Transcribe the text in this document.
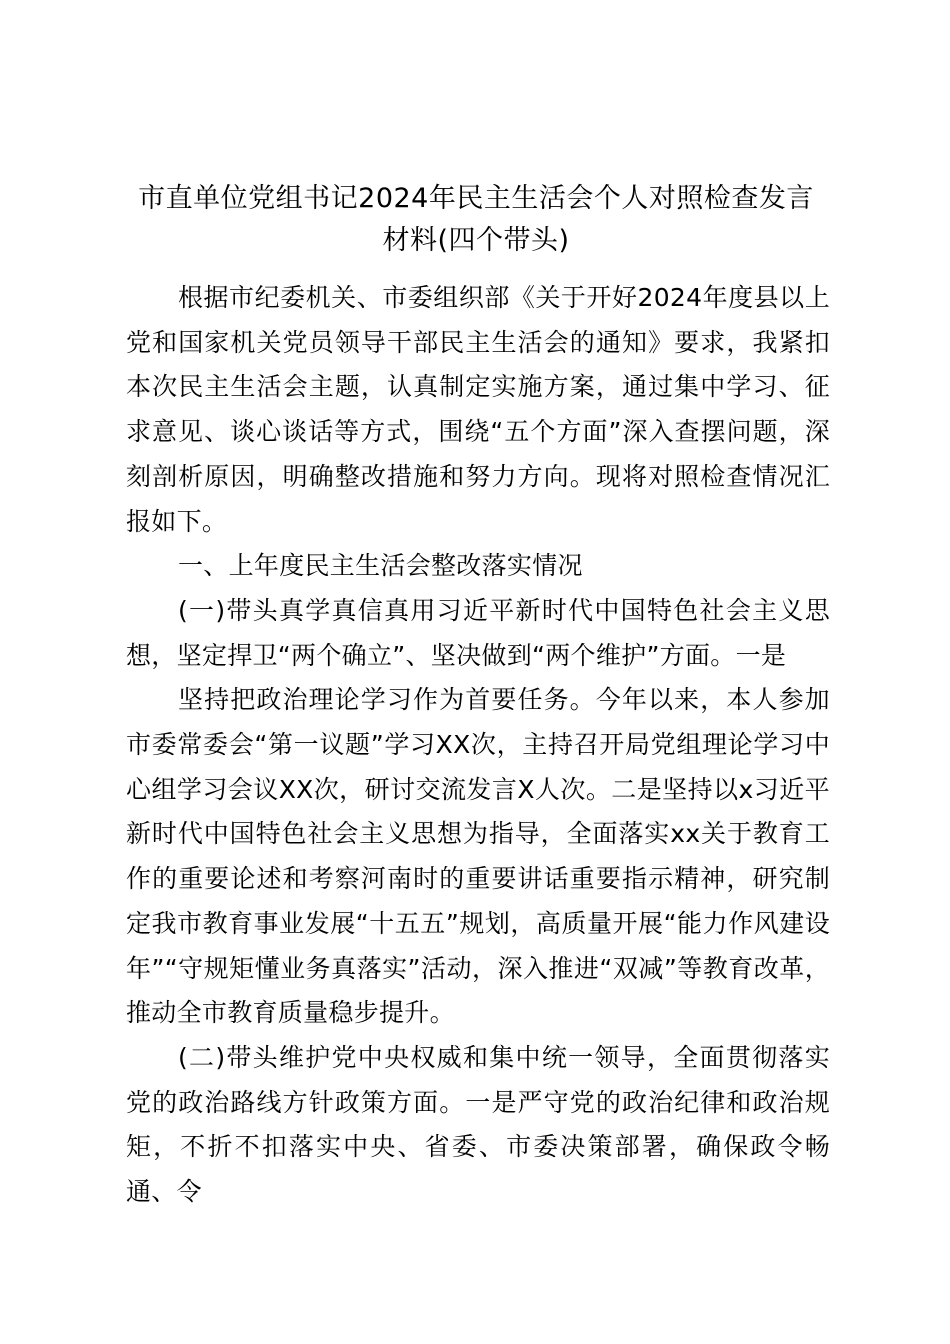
市直单位党组书记2024年民主生活会个人对照检查发言材料(四个带头)

根据市纪委机关、市委组织部《关于开好2024年度县以上党和国家机关党员领导干部民主生活会的通知》要求，我紧扣本次民主生活会主题，认真制定实施方案，通过集中学习、征求意见、谈心谈话等方式，围绕“五个方面”深入查摆问题，深刻剖析原因，明确整改措施和努力方向。现将对照检查情况汇报如下。

一、上年度民主生活会整改落实情况

(一)带头真学真信真用习近平新时代中国特色社会主义思想，坚定捍卫“两个确立”、坚决做到“两个维护”方面。一是

坚持把政治理论学习作为首要任务。今年以来，本人参加市委常委会“第一议题”学习XX次，主持召开局党组理论学习中心组学习会议XX次，研讨交流发言X人次。二是坚持以x习近平新时代中国特色社会主义思想为指导，全面落实xx关于教育工作的重要论述和考察河南时的重要讲话重要指示精神，研究制定我市教育事业发展“十五五”规划，高质量开展“能力作风建设年”“守规矩懂业务真落实”活动，深入推进“双减”等教育改革，推动全市教育质量稳步提升。

(二)带头维护党中央权威和集中统一领导，全面贯彻落实党的政治路线方针政策方面。一是严守党的政治纪律和政治规矩，不折不扣落实中央、省委、市委决策部署，确保政令畅通、令
